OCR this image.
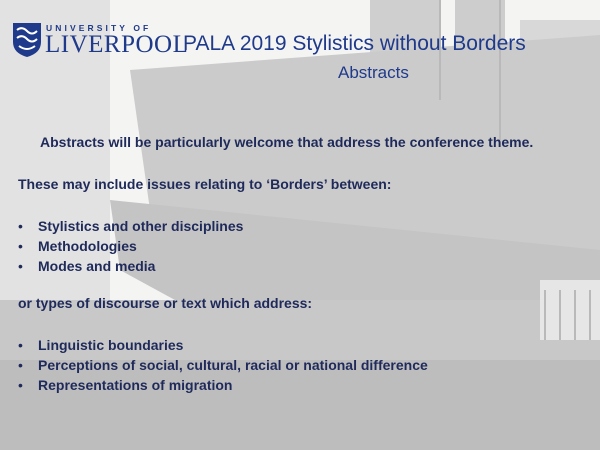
UNIVERSITY OF
LIVERPOOL
PALA 2019 Stylistics without Borders
Abstracts
Abstracts will be particularly welcome that address the conference theme.
These may include issues relating to ‘Borders’ between:
• Stylistics and other disciplines
• Methodologies
• Modes and media
or types of discourse or text which address:
• Linguistic boundaries
• Perceptions of social, cultural, racial or national difference
• Representations of migration
